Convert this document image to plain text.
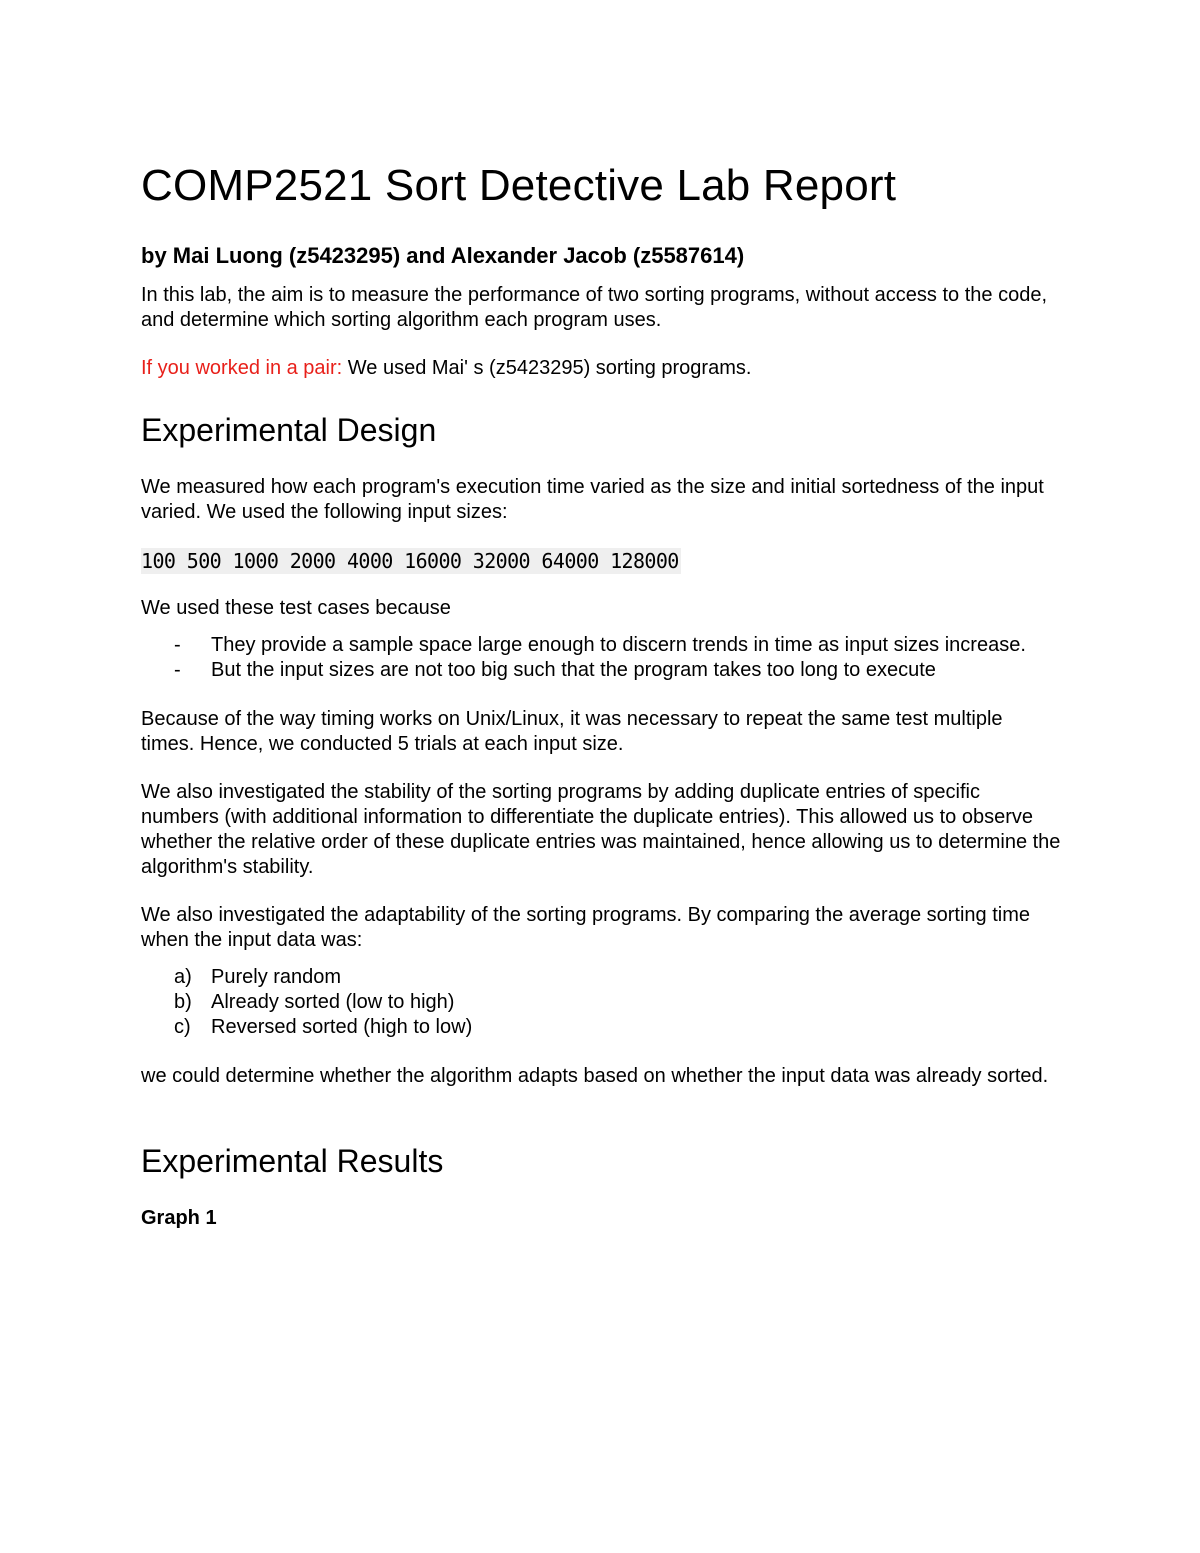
COMP2521 Sort Detective Lab Report
by Mai Luong (z5423295) and Alexander Jacob (z5587614)

In this lab, the aim is to measure the performance of two sorting programs, without access to the code, and determine which sorting algorithm each program uses.

If you worked in a pair: We used Mai' s (z5423295) sorting programs.

Experimental Design

We measured how each program's execution time varied as the size and initial sortedness of the input varied. We used the following input sizes:

100 500 1000 2000 4000 16000 32000 64000 128000

We used these test cases because

- They provide a sample space large enough to discern trends in time as input sizes increase.
- But the input sizes are not too big such that the program takes too long to execute

Because of the way timing works on Unix/Linux, it was necessary to repeat the same test multiple times. Hence, we conducted 5 trials at each input size.

We also investigated the stability of the sorting programs by adding duplicate entries of specific numbers (with additional information to differentiate the duplicate entries). This allowed us to observe whether the relative order of these duplicate entries was maintained, hence allowing us to determine the algorithm's stability.

We also investigated the adaptability of the sorting programs. By comparing the average sorting time when the input data was:

a) Purely random
b) Already sorted (low to high)
c) Reversed sorted (high to low)

we could determine whether the algorithm adapts based on whether the input data was already sorted.

Experimental Results
Graph 1
